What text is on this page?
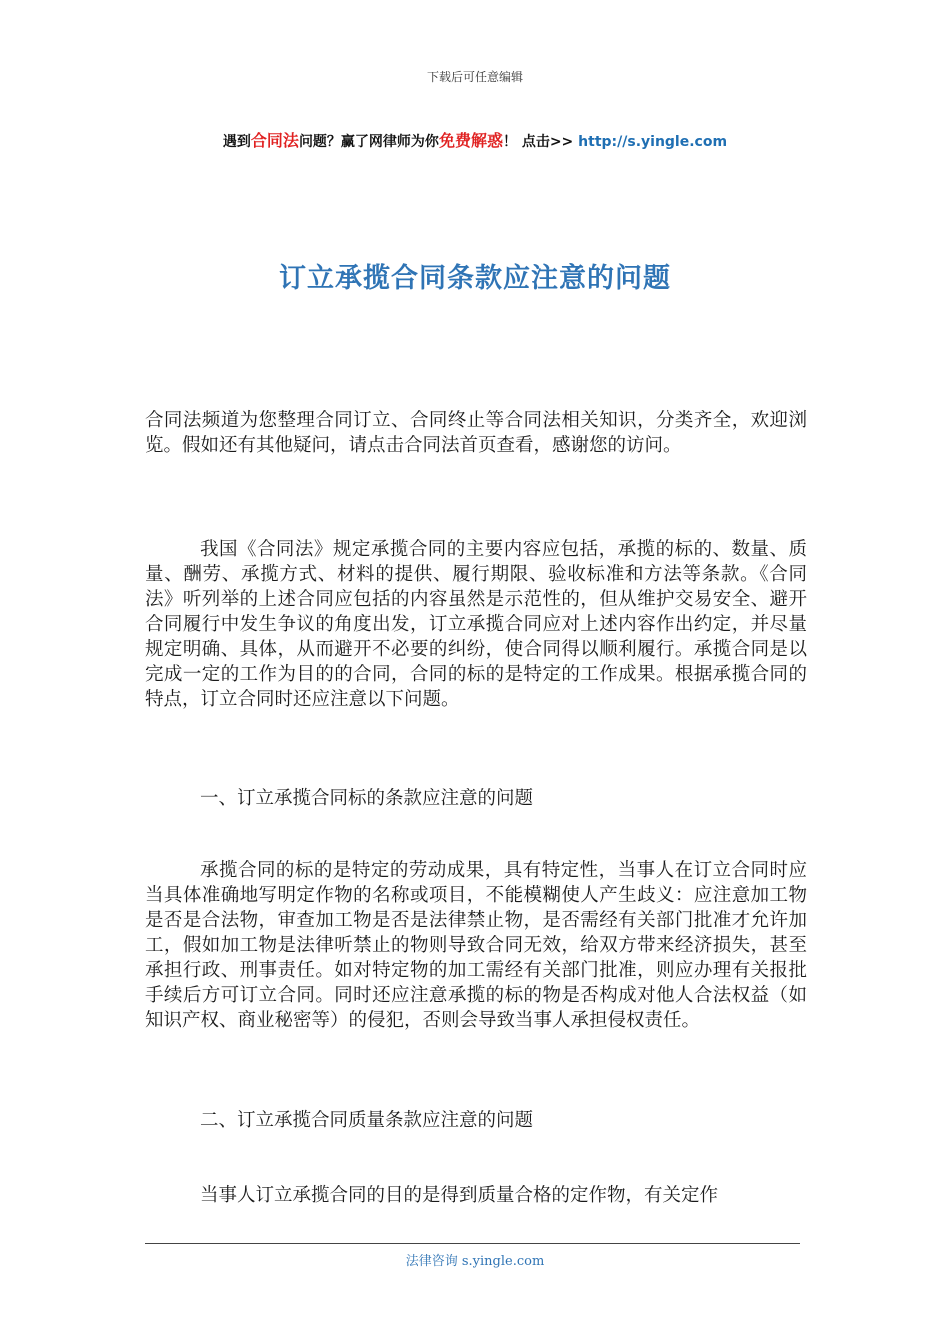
下载后可任意编辑
遇到合同法问题？赢了网律师为你免费解惑！ 点击>> http://s.yingle.com
订立承揽合同条款应注意的问题
合同法频道为您整理合同订立、合同终止等合同法相关知识，分类齐全，欢迎浏览。假如还有其他疑问，请点击合同法首页查看，感谢您的访问。
我国《合同法》规定承揽合同的主要内容应包括，承揽的标的、数量、质量、酬劳、承揽方式、材料的提供、履行期限、验收标准和方法等条款。《合同法》听列举的上述合同应包括的内容虽然是示范性的，但从维护交易安全、避开合同履行中发生争议的角度出发，订立承揽合同应对上述内容作出约定，并尽量规定明确、具体，从而避开不必要的纠纷，使合同得以顺利履行。承揽合同是以完成一定的工作为目的的合同，合同的标的是特定的工作成果。根据承揽合同的特点，订立合同时还应注意以下问题。
一、订立承揽合同标的条款应注意的问题
承揽合同的标的是特定的劳动成果，具有特定性，当事人在订立合同时应当具体准确地写明定作物的名称或项目，不能模糊使人产生歧义：应注意加工物是否是合法物，审查加工物是否是法律禁止物，是否需经有关部门批准才允许加工，假如加工物是法律听禁止的物则导致合同无效，给双方带来经济损失，甚至承担行政、刑事责任。如对特定物的加工需经有关部门批准，则应办理有关报批手续后方可订立合同。同时还应注意承揽的标的物是否构成对他人合法权益（如知识产权、商业秘密等）的侵犯，否则会导致当事人承担侵权责任。
二、订立承揽合同质量条款应注意的问题
当事人订立承揽合同的目的是得到质量合格的定作物，有关定作
法律咨询 s.yingle.com
